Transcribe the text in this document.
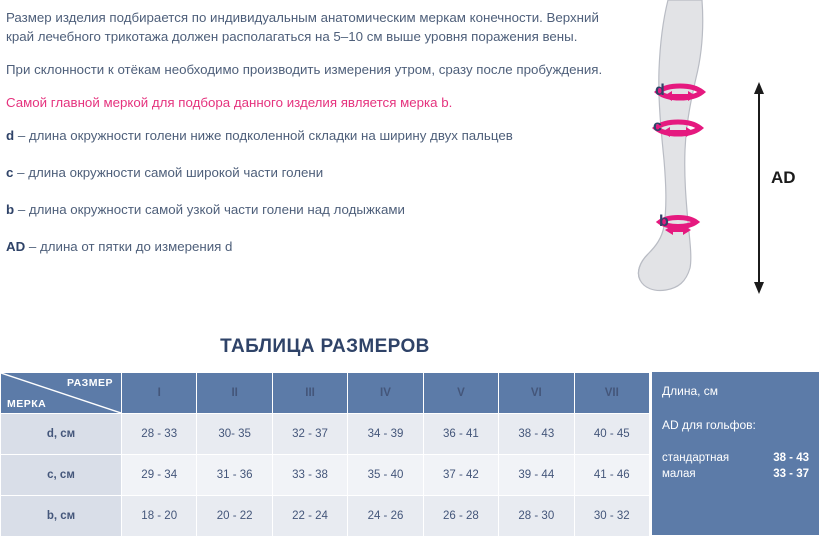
Размер изделия подбирается по индивидуальным анатомическим меркам конечности. Верхний край лечебного трикотажа должен располагаться на 5–10 см выше уровня поражения вены.

При склонности к отёкам необходимо производить измерения утром, сразу после пробуждения.

Самой главной меркой для подбора данного изделия является мерка b.

d – длина окружности голени ниже подколенной складки на ширину двух пальцев

c – длина окружности самой широкой части голени

b – длина окружности самой узкой части голени над лодыжками

AD – длина от пятки до измерения d

d
c
b
AD
ТАБЛИЦА РАЗМЕРОВ
РАЗМЕР
МЕРКА	I	II	III	IV	V	VI	VII
d, см	28 - 33	30- 35	32 - 37	34 - 39	36 - 41	38 - 43	40 - 45
c, см	29 - 34	31 - 36	33 - 38	35 - 40	37 - 42	39 - 44	41 - 46
b, см	18 - 20	20 - 22	22 - 24	24 - 26	26 - 28	28 - 30	30 - 32
Длина, см
AD для гольфов:
стандартная	38 - 43
малая	33 - 37
